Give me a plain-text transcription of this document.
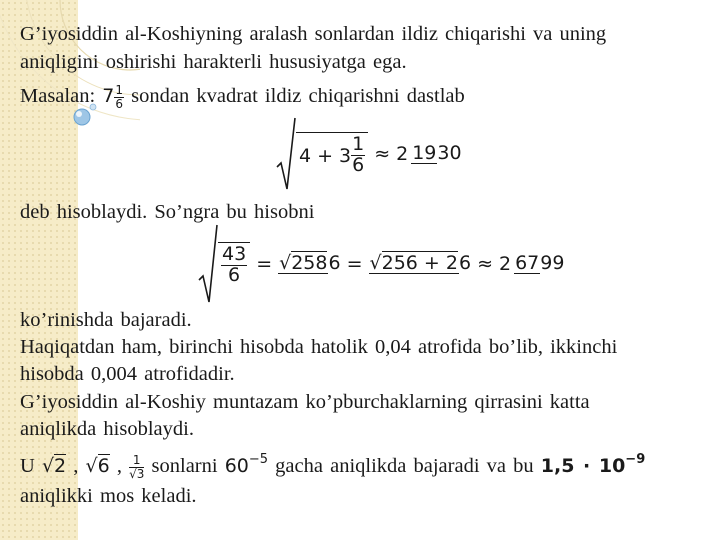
G’iyosiddin al-Koshiyning aralash sonlardan ildiz chiqarishi va uning
aniqligini oshirishi harakterli hususiyatga ega.
Masalan: $7 \frac{1}{6}$ sondan kvadrat ildiz chiqarishni dastlab
$4 + 3 \frac{1}{6} \approx 2$ 19 30
deb hisoblaydi. So’ngra bu hisobni
$\frac{43}{6} = √258$ 6 = √256 + 2 6 ≈ 2 67 99
ko’rinishda bajaradi.
Haqiqatdan ham, birinchi hisobda hatolik 0,04 atrofida bo’lib, ikkinchi
hisobda 0,004 atrofidadir.
G’iyosiddin al-Koshiy muntazam ko’pburchaklarning qirrasini katta
aniqlikda hisoblaydi.
U √2 , √6 , $\frac{1}{√3}$ sonlarni $60^{-5}$ gacha aniqlikda bajaradi va bu $1,5 \cdot 10^{-9}$
aniqlikki mos keladi.
